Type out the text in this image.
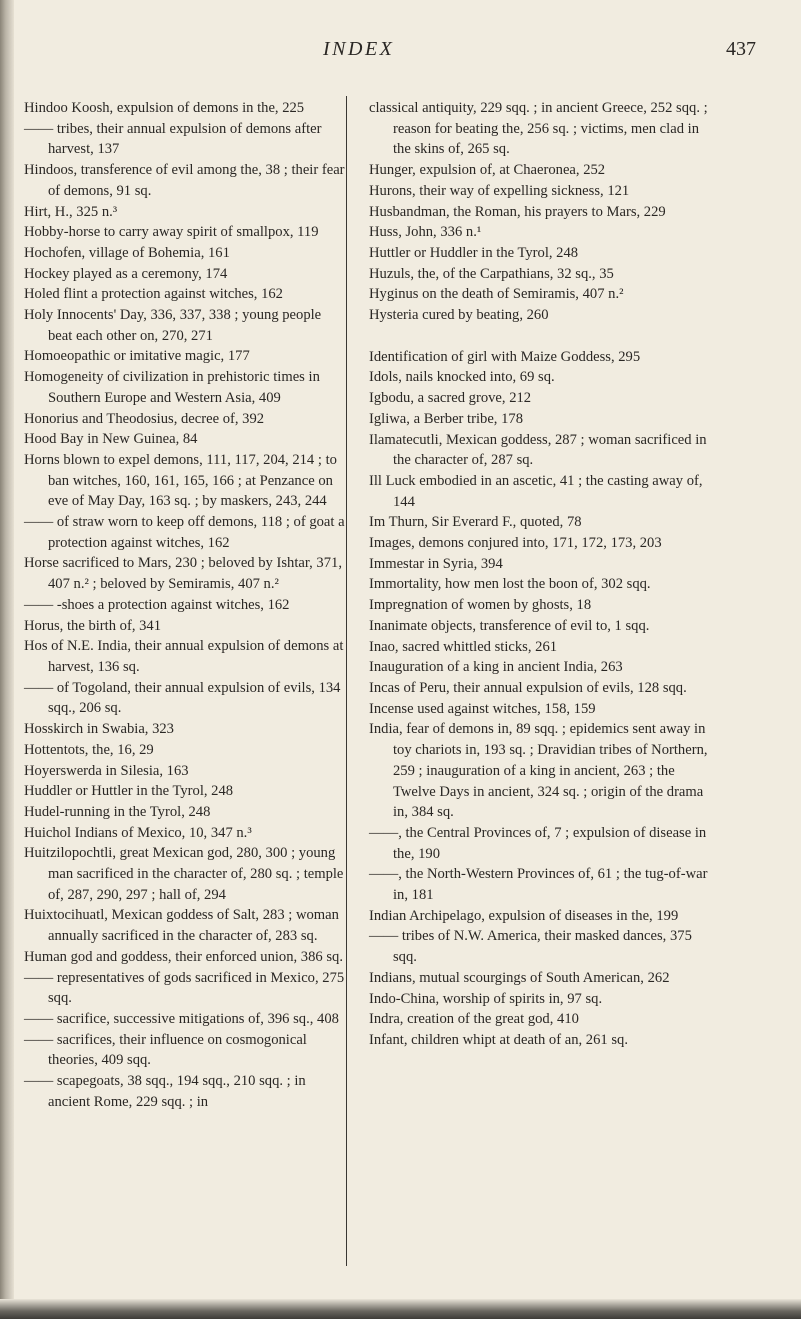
INDEX	437

Hindoo Koosh, expulsion of demons in the, 225

—— tribes, their annual expulsion of demons after harvest, 137

Hindoos, transference of evil among the, 38 ; their fear of demons, 91 sq.

Hirt, H., 325 n.³

Hobby-horse to carry away spirit of smallpox, 119

Hochofen, village of Bohemia, 161

Hockey played as a ceremony, 174

Holed flint a protection against witches, 162

Holy Innocents' Day, 336, 337, 338 ; young people beat each other on, 270, 271

Homoeopathic or imitative magic, 177

Homogeneity of civilization in prehistoric times in Southern Europe and Western Asia, 409

Honorius and Theodosius, decree of, 392

Hood Bay in New Guinea, 84

Horns blown to expel demons, 111, 117, 204, 214 ; to ban witches, 160, 161, 165, 166 ; at Penzance on eve of May Day, 163 sq. ; by maskers, 243, 244

—— of straw worn to keep off demons, 118 ; of goat a protection against witches, 162

Horse sacrificed to Mars, 230 ; beloved by Ishtar, 371, 407 n.² ; beloved by Semiramis, 407 n.²

—— -shoes a protection against witches, 162

Horus, the birth of, 341

Hos of N.E. India, their annual expulsion of demons at harvest, 136 sq.

—— of Togoland, their annual expulsion of evils, 134 sqq., 206 sq.

Hosskirch in Swabia, 323

Hottentots, the, 16, 29

Hoyerswerda in Silesia, 163

Huddler or Huttler in the Tyrol, 248

Hudel-running in the Tyrol, 248

Huichol Indians of Mexico, 10, 347 n.³

Huitzilopochtli, great Mexican god, 280, 300 ; young man sacrificed in the character of, 280 sq. ; temple of, 287, 290, 297 ; hall of, 294

Huixtocihuatl, Mexican goddess of Salt, 283 ; woman annually sacrificed in the character of, 283 sq.

Human god and goddess, their enforced union, 386 sq.

—— representatives of gods sacrificed in Mexico, 275 sqq.

—— sacrifice, successive mitigations of, 396 sq., 408

—— sacrifices, their influence on cosmogonical theories, 409 sqq.

—— scapegoats, 38 sqq., 194 sqq., 210 sqq. ; in ancient Rome, 229 sqq. ; in

classical antiquity, 229 sqq. ; in ancient Greece, 252 sqq. ; reason for beating the, 256 sq. ; victims, men clad in the skins of, 265 sq.

Hunger, expulsion of, at Chaeronea, 252

Hurons, their way of expelling sickness, 121

Husbandman, the Roman, his prayers to Mars, 229

Huss, John, 336 n.¹

Huttler or Huddler in the Tyrol, 248

Huzuls, the, of the Carpathians, 32 sq., 35

Hyginus on the death of Semiramis, 407 n.²

Hysteria cured by beating, 260

Identification of girl with Maize Goddess, 295

Idols, nails knocked into, 69 sq.

Igbodu, a sacred grove, 212

Igliwa, a Berber tribe, 178

Ilamatecutli, Mexican goddess, 287 ; woman sacrificed in the character of, 287 sq.

Ill Luck embodied in an ascetic, 41 ; the casting away of, 144

Im Thurn, Sir Everard F., quoted, 78

Images, demons conjured into, 171, 172, 173, 203

Immestar in Syria, 394

Immortality, how men lost the boon of, 302 sqq.

Impregnation of women by ghosts, 18

Inanimate objects, transference of evil to, 1 sqq.

Inao, sacred whittled sticks, 261

Inauguration of a king in ancient India, 263

Incas of Peru, their annual expulsion of evils, 128 sqq.

Incense used against witches, 158, 159

India, fear of demons in, 89 sqq. ; epidemics sent away in toy chariots in, 193 sq. ; Dravidian tribes of Northern, 259 ; inauguration of a king in ancient, 263 ; the Twelve Days in ancient, 324 sq. ; origin of the drama in, 384 sq.

——, the Central Provinces of, 7 ; expulsion of disease in the, 190

——, the North-Western Provinces of, 61 ; the tug-of-war in, 181

Indian Archipelago, expulsion of diseases in the, 199

—— tribes of N.W. America, their masked dances, 375 sqq.

Indians, mutual scourgings of South American, 262

Indo-China, worship of spirits in, 97 sq.

Indra, creation of the great god, 410

Infant, children whipt at death of an, 261 sq.
